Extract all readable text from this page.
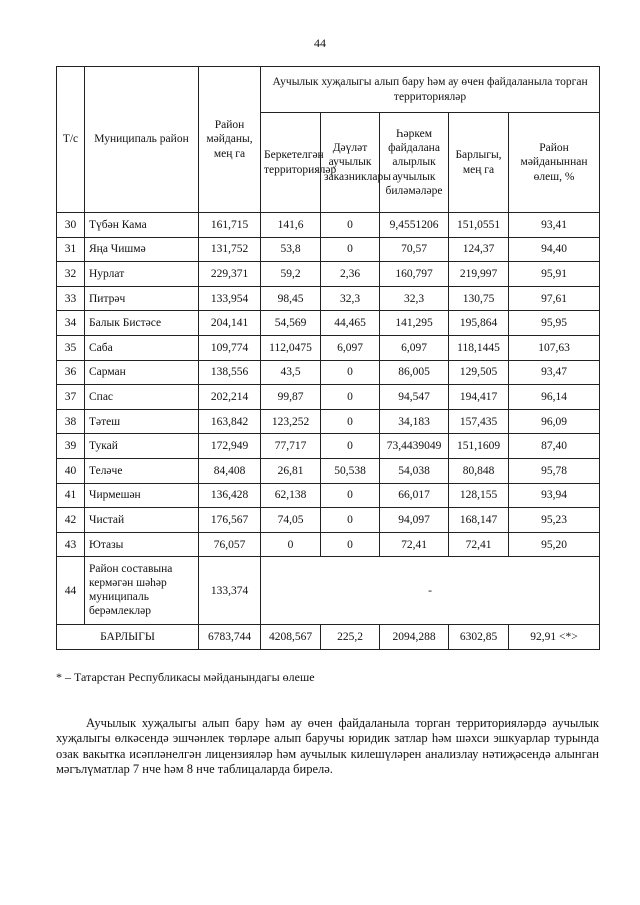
44
Т/с	Муниципаль район	Район мәйданы, мең га	Аучылык хуҗалыгы алып бару һәм ау өчен файдаланыла торган территорияләр				
			Беркетелгән территорияләр	Дәүләт аучылык заказниклары	Һәркем файдалана алырлык аучылык биләмәләре	Барлыгы, мең га	Район мәйданыннан өлеш, %
30	Түбән Кама	161,715	141,6	0	9,4551206	151,0551	93,41
31	Яңа Чишмә	131,752	53,8	0	70,57	124,37	94,40
32	Нурлат	229,371	59,2	2,36	160,797	219,997	95,91
33	Питрәч	133,954	98,45	32,3	32,3	130,75	97,61
34	Балык Бистәсе	204,141	54,569	44,465	141,295	195,864	95,95
35	Саба	109,774	112,0475	6,097	6,097	118,1445	107,63
36	Сарман	138,556	43,5	0	86,005	129,505	93,47
37	Спас	202,214	99,87	0	94,547	194,417	96,14
38	Тәтеш	163,842	123,252	0	34,183	157,435	96,09
39	Тукай	172,949	77,717	0	73,4439049	151,1609	87,40
40	Теләче	84,408	26,81	50,538	54,038	80,848	95,78
41	Чирмешән	136,428	62,138	0	66,017	128,155	93,94
42	Чистай	176,567	74,05	0	94,097	168,147	95,23
43	Ютазы	76,057	0	0	72,41	72,41	95,20
44	Район составына кермәгән шәһәр муниципаль берәмлекләр	133,374	-				
БАРЛЫГЫ		6783,744	4208,567	225,2	2094,288	6302,85	92,91 <*>
* – Татарстан Республикасы мәйданындагы өлеше

Аучылык хуҗалыгы алып бару һәм ау өчен файдаланыла торган территорияләрдә аучылык хуҗалыгы өлкәсендә эшчәнлек төрләре алып баручы юридик затлар һәм шәхси эшкуарлар турында озак вакытка исәпләнелгән лицензияләр һәм аучылык килешүләрен анализлау нәтиҗәсендә алынган мәгълүматлар 7 нче һәм 8 нче таблицаларда бирелә.
